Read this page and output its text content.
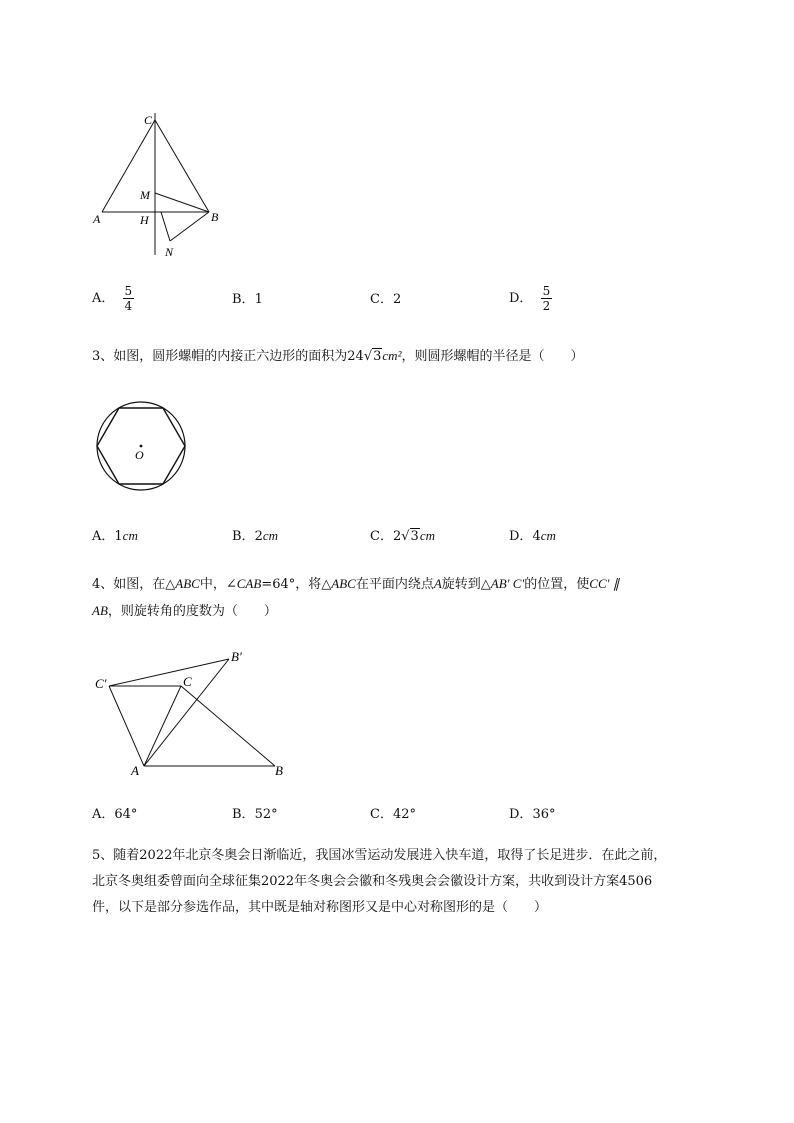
C
M
A	H	B
N
A． $\frac{5}{4}$	B．1	C．2	D． $\frac{5}{2}$
3、如图，圆形螺帽的内接正六边形的面积为24√3cm²，则圆形螺帽的半径是（　　）
O
A．1cm	B．2cm	C．2√3cm	D．4cm
4、如图，在△ABC中，∠CAB=64°，将△ABC在平面内绕点A旋转到△AB′ C′的位置，使CC′ ∥
AB，则旋转角的度数为（　　）
C′	C
B′
A	B
A．64°	B．52°	C．42°	D．36°
5、随着2022年北京冬奥会日渐临近，我国冰雪运动发展进入快车道，取得了长足进步．在此之前，
北京冬奥组委曾面向全球征集2022年冬奥会会徽和冬残奥会会徽设计方案，共收到设计方案4506
件，以下是部分参选作品，其中既是轴对称图形又是中心对称图形的是（　　）
